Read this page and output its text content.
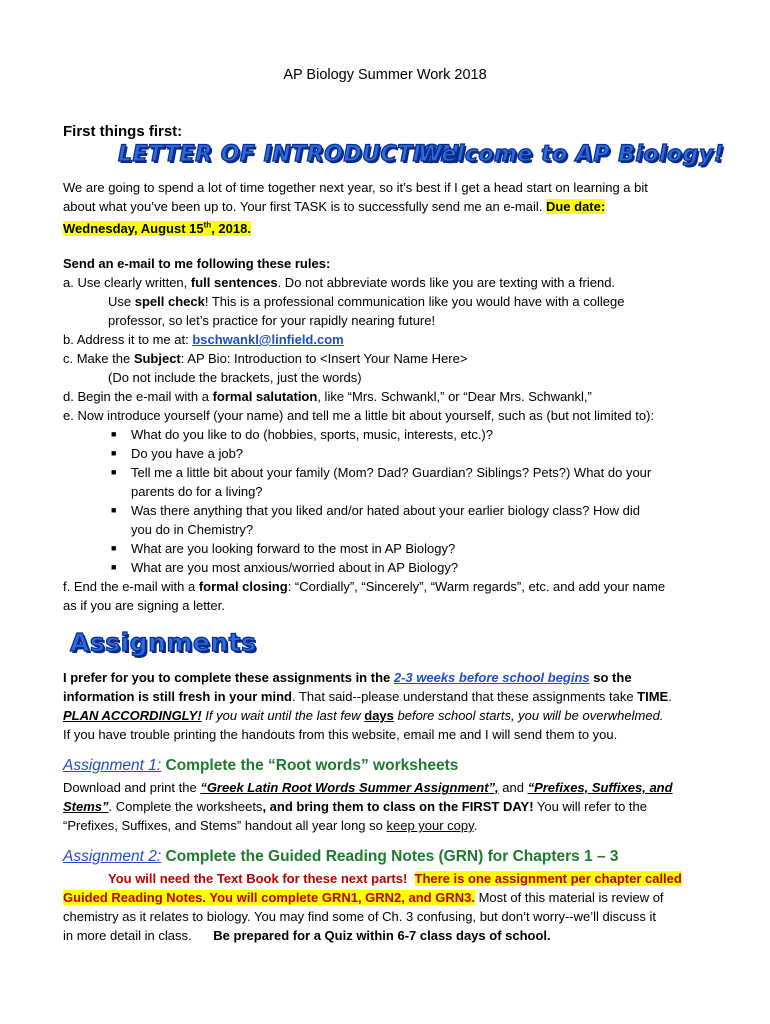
AP Biology Summer Work 2018
First things first:
LETTER OF INTRODUCTION
Welcome to AP Biology!
We are going to spend a lot of time together next year, so it’s best if I get a head start on learning a bit
about what you’ve been up to. Your first TASK is to successfully send me an e-mail. Due date:
Wednesday, August 15th, 2018.
Send an e-mail to me following these rules:
a. Use clearly written, full sentences. Do not abbreviate words like you are texting with a friend.
Use spell check! This is a professional communication like you would have with a college
professor, so let’s practice for your rapidly nearing future!
b. Address it to me at: bschwankl@linfield.com
c. Make the Subject: AP Bio: Introduction to <Insert Your Name Here>
(Do not include the brackets, just the words)
d. Begin the e-mail with a formal salutation, like “Mrs. Schwankl,” or “Dear Mrs. Schwankl,”
e. Now introduce yourself (your name) and tell me a little bit about yourself, such as (but not limited to):
■ What do you like to do (hobbies, sports, music, interests, etc.)?
■ Do you have a job?
■ Tell me a little bit about your family (Mom? Dad? Guardian? Siblings? Pets?) What do your
parents do for a living?
■ Was there anything that you liked and/or hated about your earlier biology class? How did
you do in Chemistry?
■ What are you looking forward to the most in AP Biology?
■ What are you most anxious/worried about in AP Biology?
f. End the e-mail with a formal closing: “Cordially”, “Sincerely”, “Warm regards”, etc. and add your name
as if you are signing a letter.
Assignments
I prefer for you to complete these assignments in the 2-3 weeks before school begins so the
information is still fresh in your mind. That said--please understand that these assignments take TIME.
PLAN ACCORDINGLY! If you wait until the last few days before school starts, you will be overwhelmed.
If you have trouble printing the handouts from this website, email me and I will send them to you.
Assignment 1: Complete the “Root words” worksheets
Download and print the “Greek Latin Root Words Summer Assignment”, and “Prefixes, Suffixes, and
Stems”. Complete the worksheets, and bring them to class on the FIRST DAY! You will refer to the
“Prefixes, Suffixes, and Stems” handout all year long so keep your copy.
Assignment 2: Complete the Guided Reading Notes (GRN) for Chapters 1 – 3
You will need the Text Book for these next parts! There is one assignment per chapter called
Guided Reading Notes. You will complete GRN1, GRN2, and GRN3. Most of this material is review of
chemistry as it relates to biology. You may find some of Ch. 3 confusing, but don’t worry--we’ll discuss it
in more detail in class.      Be prepared for a Quiz within 6-7 class days of school.
